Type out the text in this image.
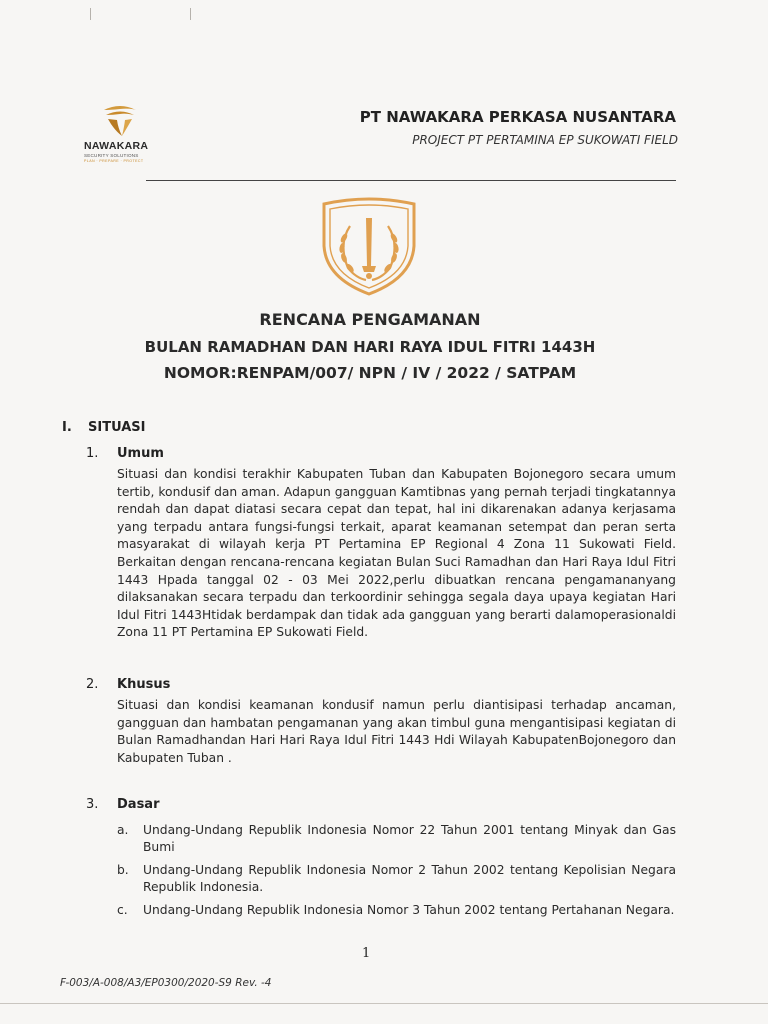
NAWAKARA
SECURITY SOLUTIONS
PLAN · PREPARE · PROTECT
PT NAWAKARA PERKASA NUSANTARA
PROJECT PT PERTAMINA EP SUKOWATI FIELD
RENCANA PENGAMANAN
BULAN RAMADHAN DAN HARI RAYA IDUL FITRI 1443H
NOMOR:RENPAM/007/ NPN / IV / 2022 / SATPAM
I. SITUASI
1. Umum
Situasi dan kondisi terakhir Kabupaten Tuban dan Kabupaten Bojonegoro secara umum tertib, kondusif dan aman. Adapun gangguan Kamtibnas yang pernah terjadi tingkatannya rendah dan dapat diatasi secara cepat dan tepat, hal ini dikarenakan adanya kerjasama yang terpadu antara fungsi-fungsi terkait, aparat keamanan setempat dan peran serta masyarakat di wilayah kerja PT Pertamina EP Regional 4 Zona 11 Sukowati Field. Berkaitan dengan rencana-rencana kegiatan Bulan Suci Ramadhan dan Hari Raya Idul Fitri 1443 Hpada tanggal 02 - 03 Mei 2022,perlu dibuatkan rencana pengamananyang dilaksanakan secara terpadu dan terkoordinir sehingga segala daya upaya kegiatan Hari Idul Fitri 1443Htidak berdampak dan tidak ada gangguan yang berarti dalamoperasionaldi Zona 11 PT Pertamina EP Sukowati Field.
2. Khusus
Situasi dan kondisi keamanan kondusif namun perlu diantisipasi terhadap ancaman, gangguan dan hambatan pengamanan yang akan timbul guna mengantisipasi kegiatan di Bulan Ramadhandan Hari Hari Raya Idul Fitri 1443 Hdi Wilayah KabupatenBojonegoro dan Kabupaten Tuban .
3. Dasar
a. Undang-Undang Republik Indonesia Nomor 22 Tahun 2001 tentang Minyak dan Gas Bumi
b. Undang-Undang Republik Indonesia Nomor 2 Tahun 2002 tentang Kepolisian Negara Republik Indonesia.
c. Undang-Undang Republik Indonesia Nomor 3 Tahun 2002 tentang Pertahanan Negara.
1
F-003/A-008/A3/EP0300/2020-S9 Rev. -4
